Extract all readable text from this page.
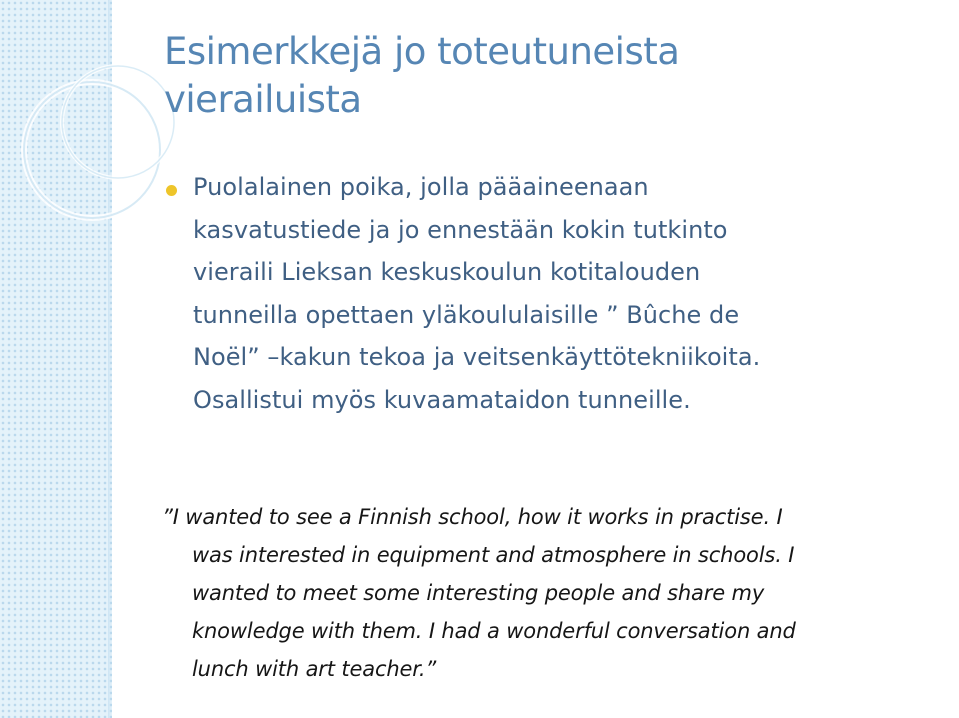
Esimerkkejä jo toteutuneista
vierailuista

Puolalainen poika, jolla pääaineenaan
kasvatustiede ja jo ennestään kokin tutkinto
vieraili Lieksan keskuskoulun kotitalouden
tunneilla opettaen yläkoululaisille ” Bûche de
Noël” –kakun tekoa ja veitsenkäyttötekniikoita.
Osallistui myös kuvaamataidon tunneille.

”I wanted to see a Finnish school, how it works in practise. I
was interested in equipment and atmosphere in schools. I
wanted to meet some interesting people and share my
knowledge with them. I had a wonderful conversation and
lunch with art teacher.”
